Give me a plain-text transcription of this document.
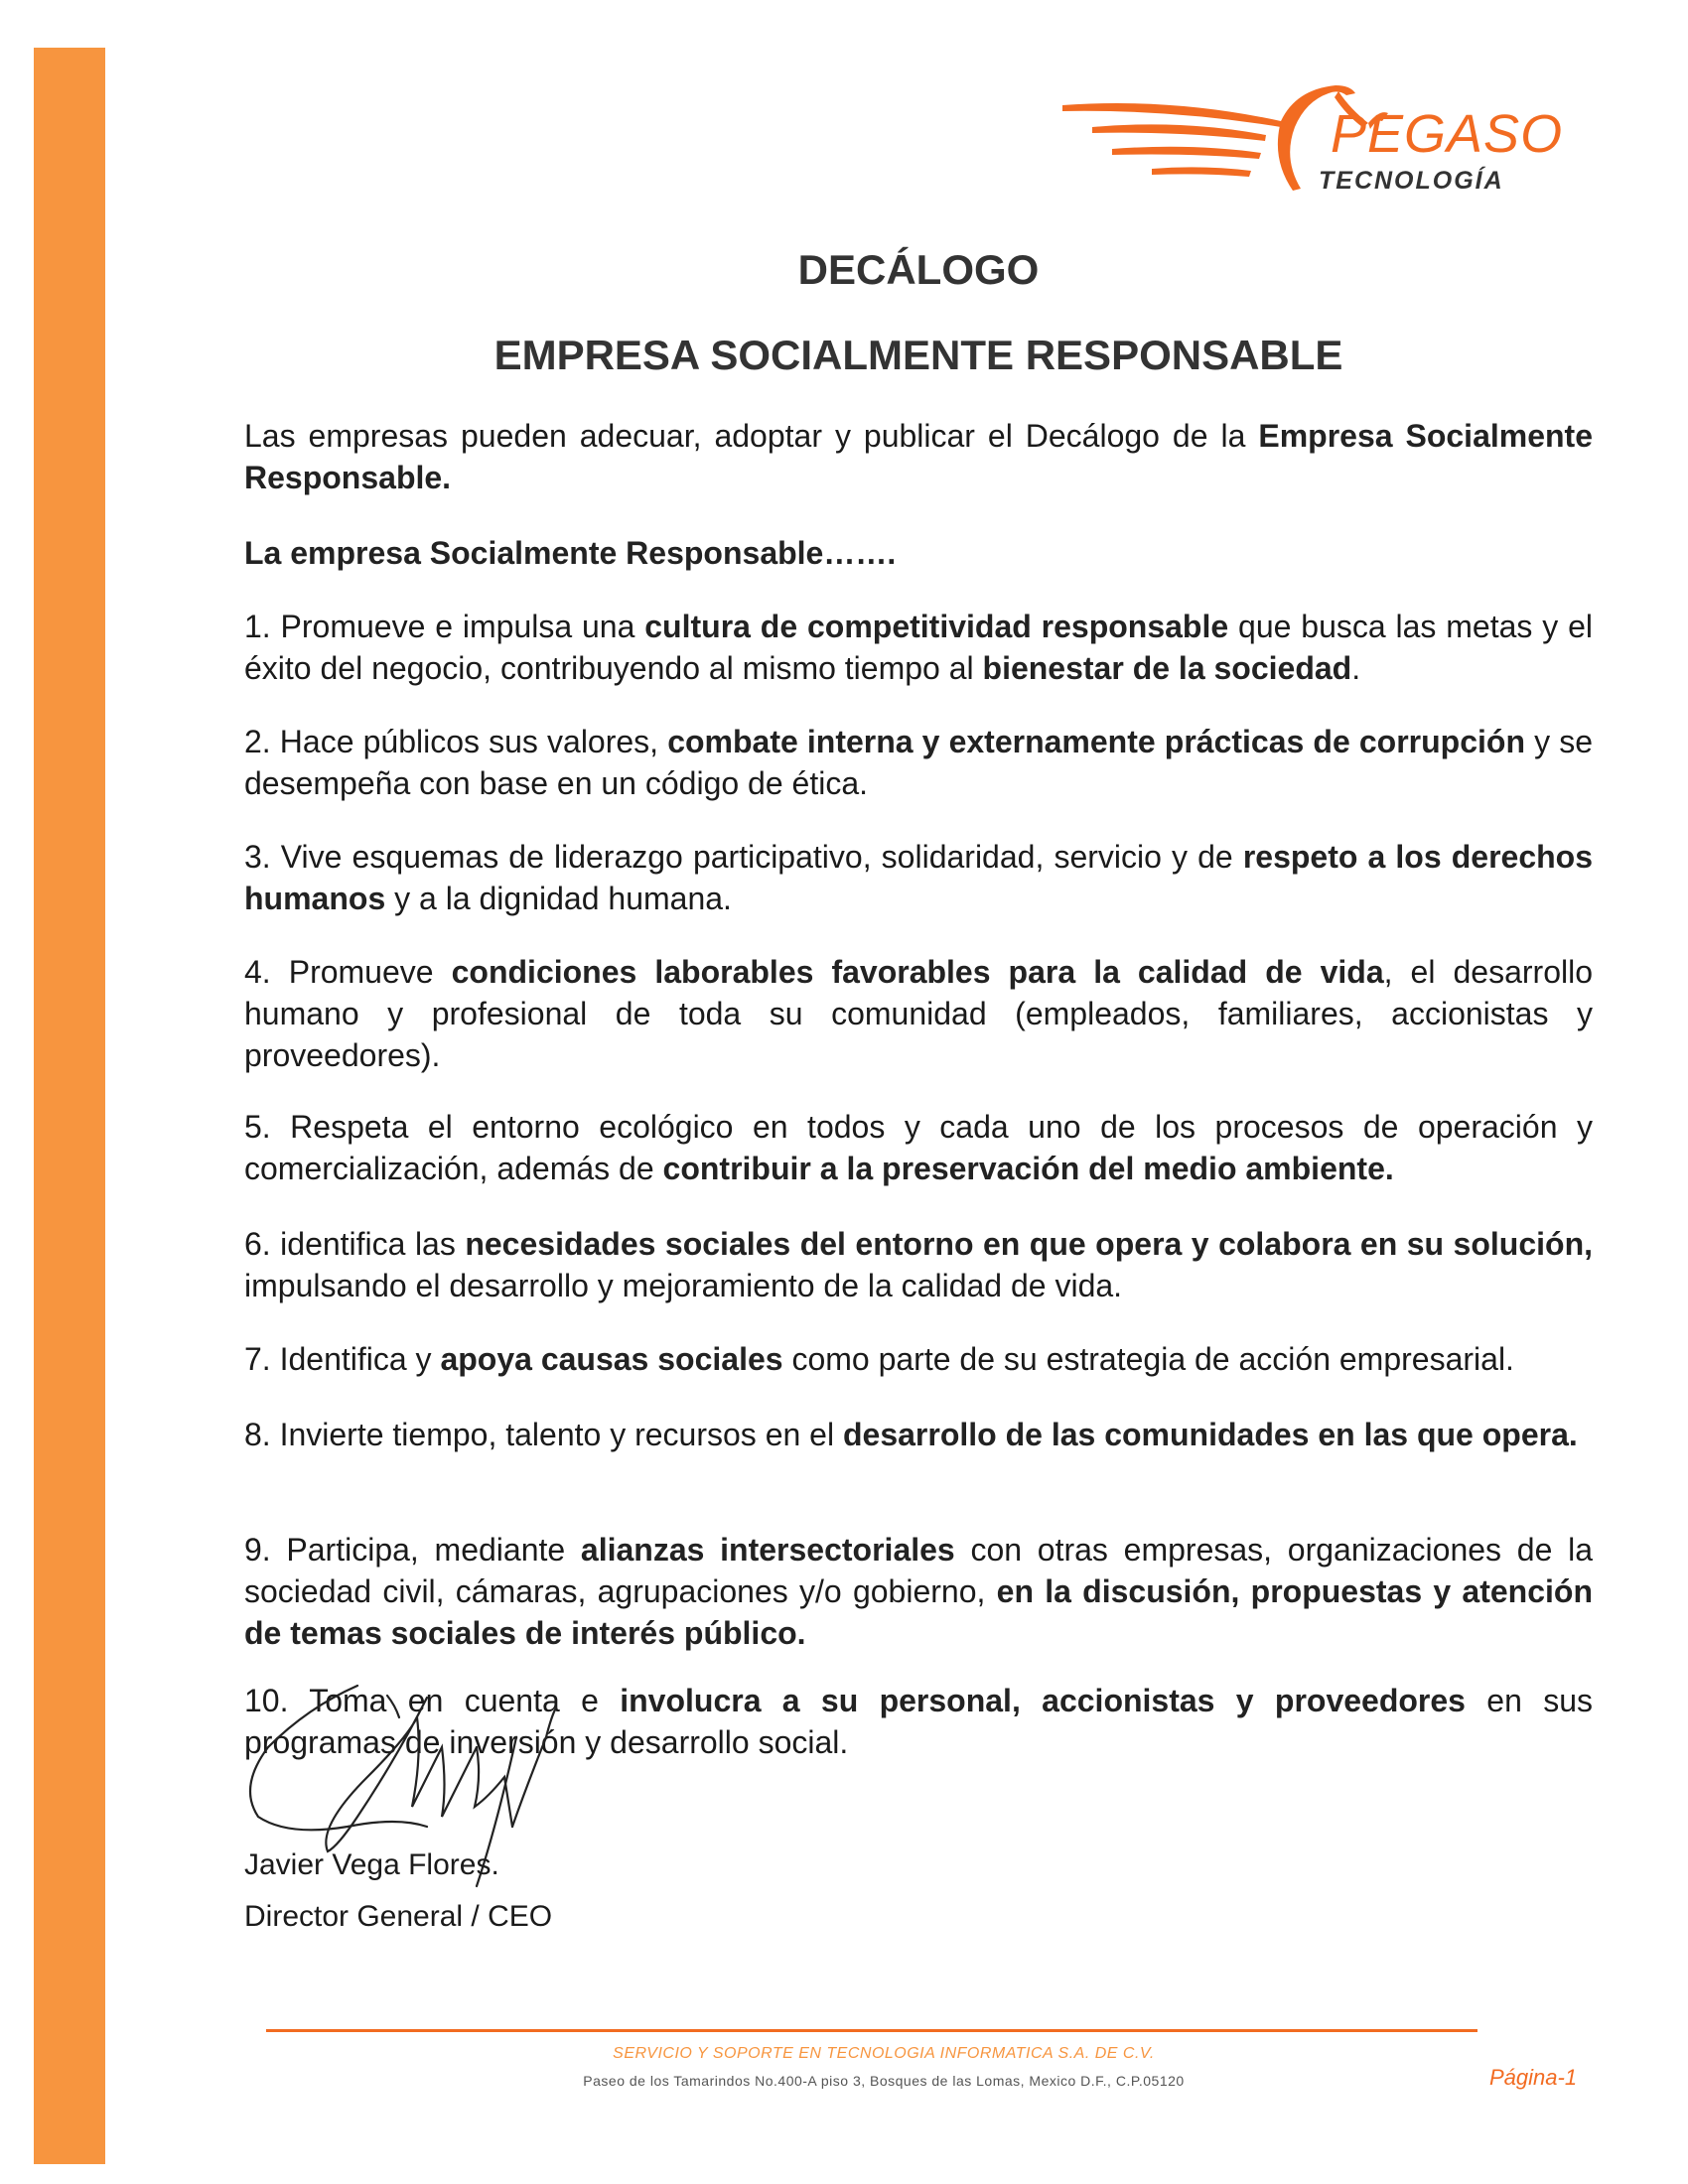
PEGASO
TECNOLOGÍA
DECÁLOGO
EMPRESA SOCIALMENTE RESPONSABLE

Las empresas pueden adecuar, adoptar y publicar el Decálogo de la Empresa Socialmente Responsable.

La empresa Socialmente Responsable…….

1. Promueve e impulsa una cultura de competitividad responsable que busca las metas y el éxito del negocio, contribuyendo al mismo tiempo al bienestar de la sociedad.

2. Hace públicos sus valores, combate interna y externamente prácticas de corrupción y se desempeña con base en un código de ética.

3. Vive esquemas de liderazgo participativo, solidaridad, servicio y de respeto a los derechos humanos y a la dignidad humana.

4. Promueve condiciones laborables favorables para la calidad de vida, el desarrollo humano y profesional de toda su comunidad (empleados, familiares, accionistas y proveedores).

5. Respeta el entorno ecológico en todos y cada uno de los procesos de operación y comercialización, además de contribuir a la preservación del medio ambiente.

6. identifica las necesidades sociales del entorno en que opera y colabora en su solución, impulsando el desarrollo y mejoramiento de la calidad de vida.

7. Identifica y apoya causas sociales como parte de su estrategia de acción empresarial.

8. Invierte tiempo, talento y recursos en el desarrollo de las comunidades en las que opera.

9. Participa, mediante alianzas intersectoriales con otras empresas, organizaciones de la sociedad civil, cámaras, agrupaciones y/o gobierno, en la discusión, propuestas y atención de temas sociales de interés público.

10. Toma en cuenta e involucra a su personal, accionistas y proveedores en sus programas de inversión y desarrollo social.

Javier Vega Flores.
Director General / CEO
SERVICIO Y SOPORTE EN TECNOLOGIA INFORMATICA S.A. DE C.V.
Paseo de los Tamarindos No.400-A piso 3, Bosques de las Lomas, Mexico D.F., C.P.05120	Página-1
